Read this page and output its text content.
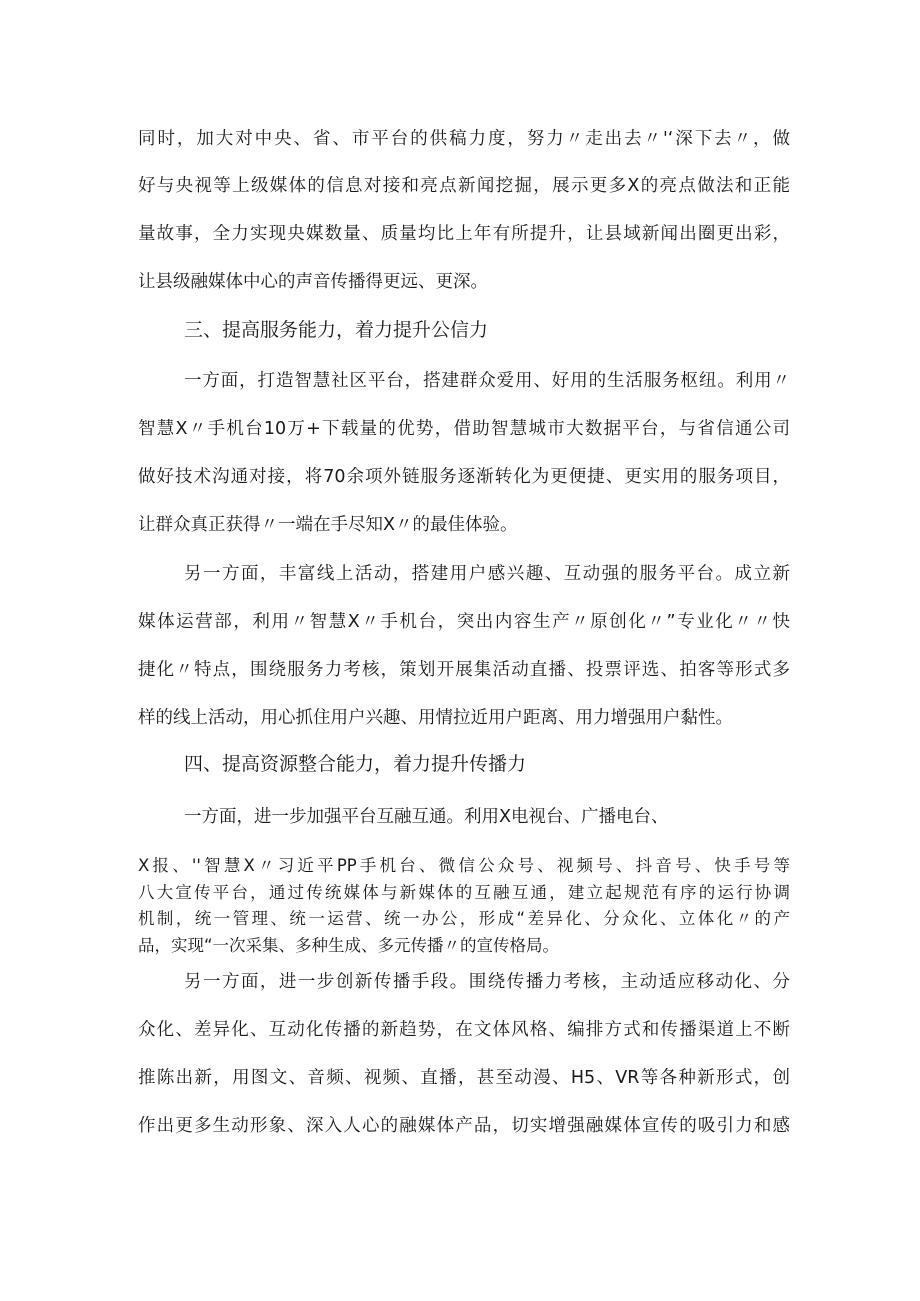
同时，加大对中央、省、市平台的供稿力度，努力〃走出去〃'‘深下去〃，做
好与央视等上级媒体的信息对接和亮点新闻挖掘，展示更多X的亮点做法和正能
量故事，全力实现央媒数量、质量均比上年有所提升，让县域新闻出圈更出彩，
让县级融媒体中心的声音传播得更远、更深。
三、提高服务能力，着力提升公信力
一方面，打造智慧社区平台，搭建群众爱用、好用的生活服务枢纽。利用〃
智慧X〃手机台10万+下载量的优势，借助智慧城市大数据平台，与省信通公司
做好技术沟通对接，将70余项外链服务逐渐转化为更便捷、更实用的服务项目，
让群众真正获得〃一端在手尽知X〃的最佳体验。
另一方面，丰富线上活动，搭建用户感兴趣、互动强的服务平台。成立新
媒体运营部，利用〃智慧X〃手机台，突出内容生产〃原创化〃”专业化〃〃快
捷化〃特点，围绕服务力考核，策划开展集活动直播、投票评选、拍客等形式多
样的线上活动，用心抓住用户兴趣、用情拉近用户距离、用力增强用户黏性。
四、提高资源整合能力，着力提升传播力
一方面，进一步加强平台互融互通。利用X电视台、广播电台、
X报、''智慧X〃习近平PP手机台、微信公众号、视频号、抖音号、快手号等
八大宣传平台，通过传统媒体与新媒体的互融互通，建立起规范有序的运行协调
机制，统一管理、统一运营、统一办公，形成“差异化、分众化、立体化〃的产
品，实现“一次采集、多种生成、多元传播〃的宣传格局。
另一方面，进一步创新传播手段。围绕传播力考核，主动适应移动化、分
众化、差异化、互动化传播的新趋势，在文体风格、编排方式和传播渠道上不断
推陈出新，用图文、音频、视频、直播，甚至动漫、H5、VR等各种新形式，创
作出更多生动形象、深入人心的融媒体产品，切实增强融媒体宣传的吸引力和感
